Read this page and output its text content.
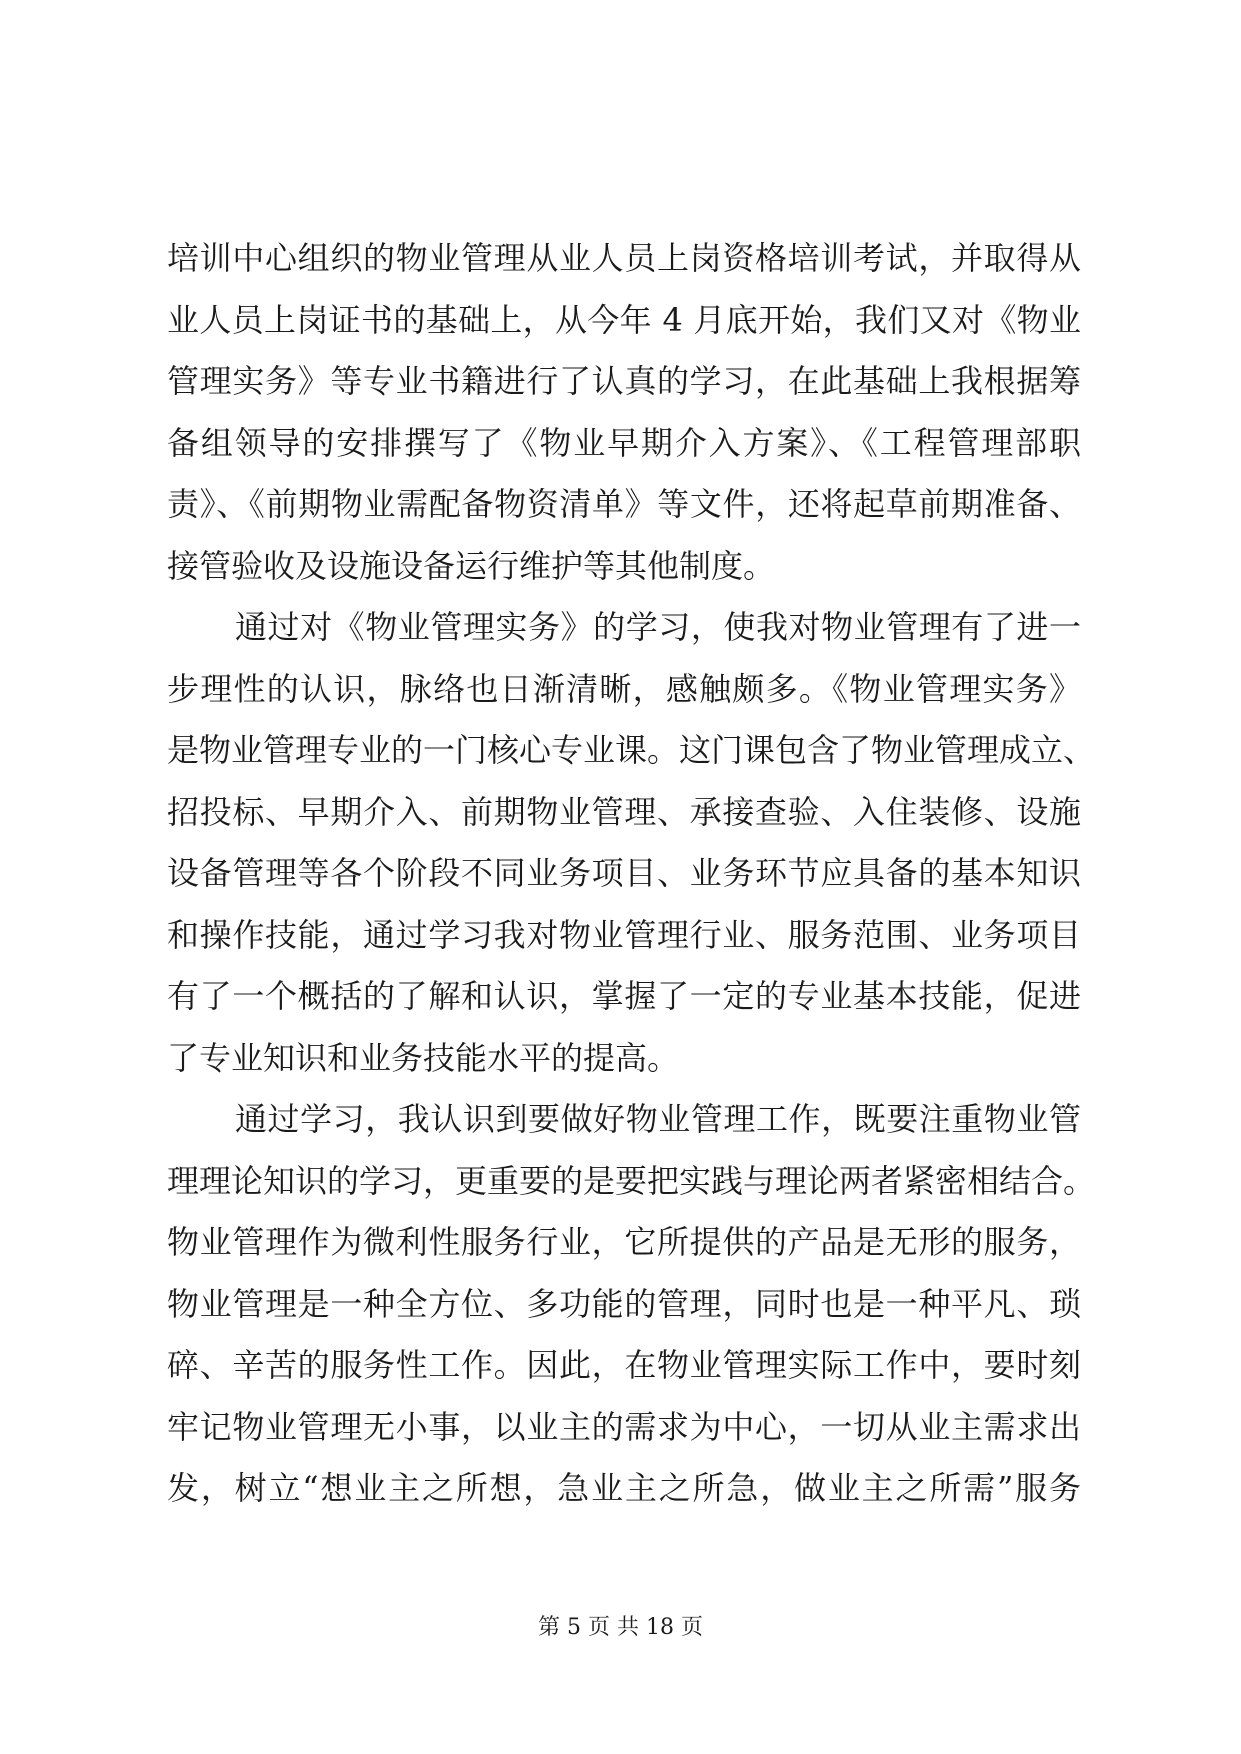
培训中心组织的物业管理从业人员上岗资格培训考试，并取得从
业人员上岗证书的基础上，从今年 4 月底开始，我们又对《物业
管理实务》等专业书籍进行了认真的学习，在此基础上我根据筹
备组领导的安排撰写了《物业早期介入方案》、《工程管理部职
责》、《前期物业需配备物资清单》等文件，还将起草前期准备、
接管验收及设施设备运行维护等其他制度。
通过对《物业管理实务》的学习，使我对物业管理有了进一
步理性的认识，脉络也日渐清晰，感触颇多。《物业管理实务》
是物业管理专业的一门核心专业课。这门课包含了物业管理成立、
招投标、早期介入、前期物业管理、承接查验、入住装修、设施
设备管理等各个阶段不同业务项目、业务环节应具备的基本知识
和操作技能，通过学习我对物业管理行业、服务范围、业务项目
有了一个概括的了解和认识，掌握了一定的专业基本技能，促进
了专业知识和业务技能水平的提高。
通过学习，我认识到要做好物业管理工作，既要注重物业管
理理论知识的学习，更重要的是要把实践与理论两者紧密相结合。
物业管理作为微利性服务行业，它所提供的产品是无形的服务，
物业管理是一种全方位、多功能的管理，同时也是一种平凡、琐
碎、辛苦的服务性工作。因此，在物业管理实际工作中，要时刻
牢记物业管理无小事，以业主的需求为中心，一切从业主需求出
发，树立“想业主之所想，急业主之所急，做业主之所需”服务
第 5 页 共 18 页
